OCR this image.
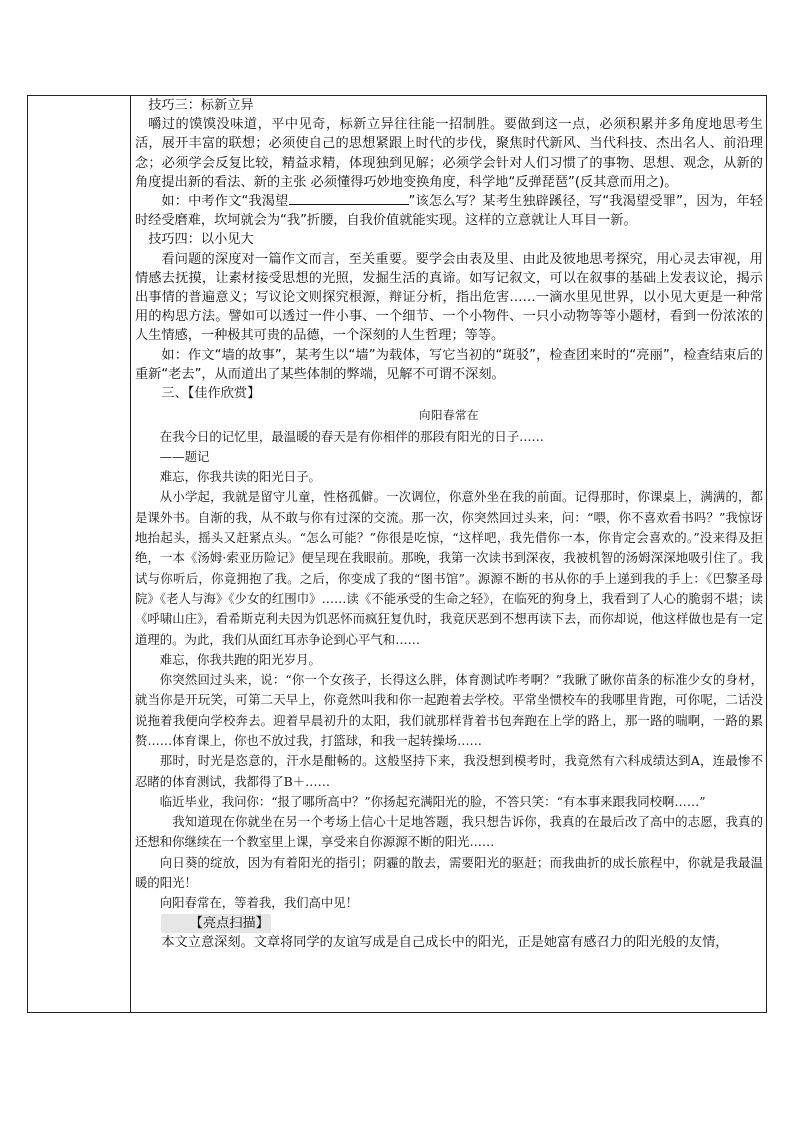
技巧三：标新立异

嚼过的馍馍没味道，平中见奇，标新立异往往能一招制胜。要做到这一点，必须积累并多角度地思考生活，展开丰富的联想；必须使自己的思想紧跟上时代的步伐，聚焦时代新风、当代科技、杰出名人、前沿理念；必须学会反复比较，精益求精，体现独到见解；必须学会针对人们习惯了的事物、思想、观念，从新的角度提出新的看法、新的主张 必须懂得巧妙地变换角度，科学地“反弹琵琶”(反其意而用之)。

如：中考作文“我渴望	”该怎么写？某考生独辟蹊径，写“我渴望受罪”，因为，年轻时经受磨难，坎坷就会为“我”折腰，自我价值就能实现。这样的立意就让人耳目一新。

技巧四：以小见大

看问题的深度对一篇作文而言，至关重要。要学会由表及里、由此及彼地思考探究，用心灵去审视，用情感去抚摸，让素材接受思想的光照，发掘生活的真谛。如写记叙文，可以在叙事的基础上发表议论，揭示出事情的普遍意义；写议论文则探究根源，辩证分析，指出危害……一滴水里见世界，以小见大更是一种常用的构思方法。譬如可以透过一件小事、一个细节、一个小物件、一只小动物等等小题材，看到一份浓浓的人生情感，一种极其可贵的品德，一个深刻的人生哲理；等等。

如：作文“墙的故事”，某考生以“墙”为载体，写它当初的“斑驳”，检查团来时的“亮丽”，检查结束后的重新“老去”，从而道出了某些体制的弊端，见解不可谓不深刻。

三、【佳作欣赏】

向阳春常在

在我今日的记忆里，最温暖的春天是有你相伴的那段有阳光的日子……

——题记

难忘，你我共读的阳光日子。

从小学起，我就是留守儿童，性格孤僻。一次调位，你意外坐在我的前面。记得那时，你课桌上，满满的，都是课外书。自渐的我，从不敢与你有过深的交流。那一次，你突然回过头来，问：“喂，你不喜欢看书吗？”我惊讶地抬起头，摇头又赶紧点头。“怎么可能？”你很是吃惊，“这样吧，我先借你一本，你肯定会喜欢的。”没来得及拒绝，一本《汤姆·索亚历险记》便呈现在我眼前。那晚，我第一次读书到深夜，我被机智的汤姆深深地吸引住了。我试与你听后，你竟拥抱了我。之后，你变成了我的“图书馆”。源源不断的书从你的手上递到我的手上：《巴黎圣母院》《老人与海》《少女的红围巾》……读《不能承受的生命之轻》，在临死的狗身上，我看到了人心的脆弱不堪；读《呼啸山庄》，看希斯克利夫因为饥恶怀而疯狂复仇时，我竟厌恶到不想再读下去，而你却说，他这样做也是有一定道理的。为此，我们从面红耳赤争论到心平气和……

难忘，你我共跑的阳光岁月。

你突然回过头来，说：“你一个女孩子，长得这么胖，体育测试咋考啊？”我瞅了瞅你苗条的标准少女的身材，就当你是开玩笑，可第二天早上，你竟然叫我和你一起跑着去学校。平常坐惯校车的我哪里肯跑，可你呢，二话没说拖着我便向学校奔去。迎着早晨初升的太阳，我们就那样背着书包奔跑在上学的路上，那一路的喘啊，一路的累赘……体育课上，你也不放过我，打篮球，和我一起转操场……

那时，时光是恣意的，汗水是酣畅的。这般坚持下来，我没想到模考时，我竟然有六科成绩达到A，连最惨不忍睹的体育测试，我都得了B＋……

临近毕业，我问你：“报了哪所高中？”你扬起充满阳光的脸，不答只笑：“有本事来跟我同校啊……”

我知道现在你就坐在另一个考场上信心十足地答题，我只想告诉你，我真的在最后改了高中的志愿，我真的还想和你继续在一个教室里上课，享受来自你源源不断的阳光……

向日葵的绽放，因为有着阳光的指引；阴霾的散去，需要阳光的驱赶；而我曲折的成长旅程中，你就是我最温暖的阳光！

向阳春常在，等着我，我们高中见！

【亮点扫描】

本文立意深刻。文章将同学的友谊写成是自己成长中的阳光，正是她富有感召力的阳光般的友情，
